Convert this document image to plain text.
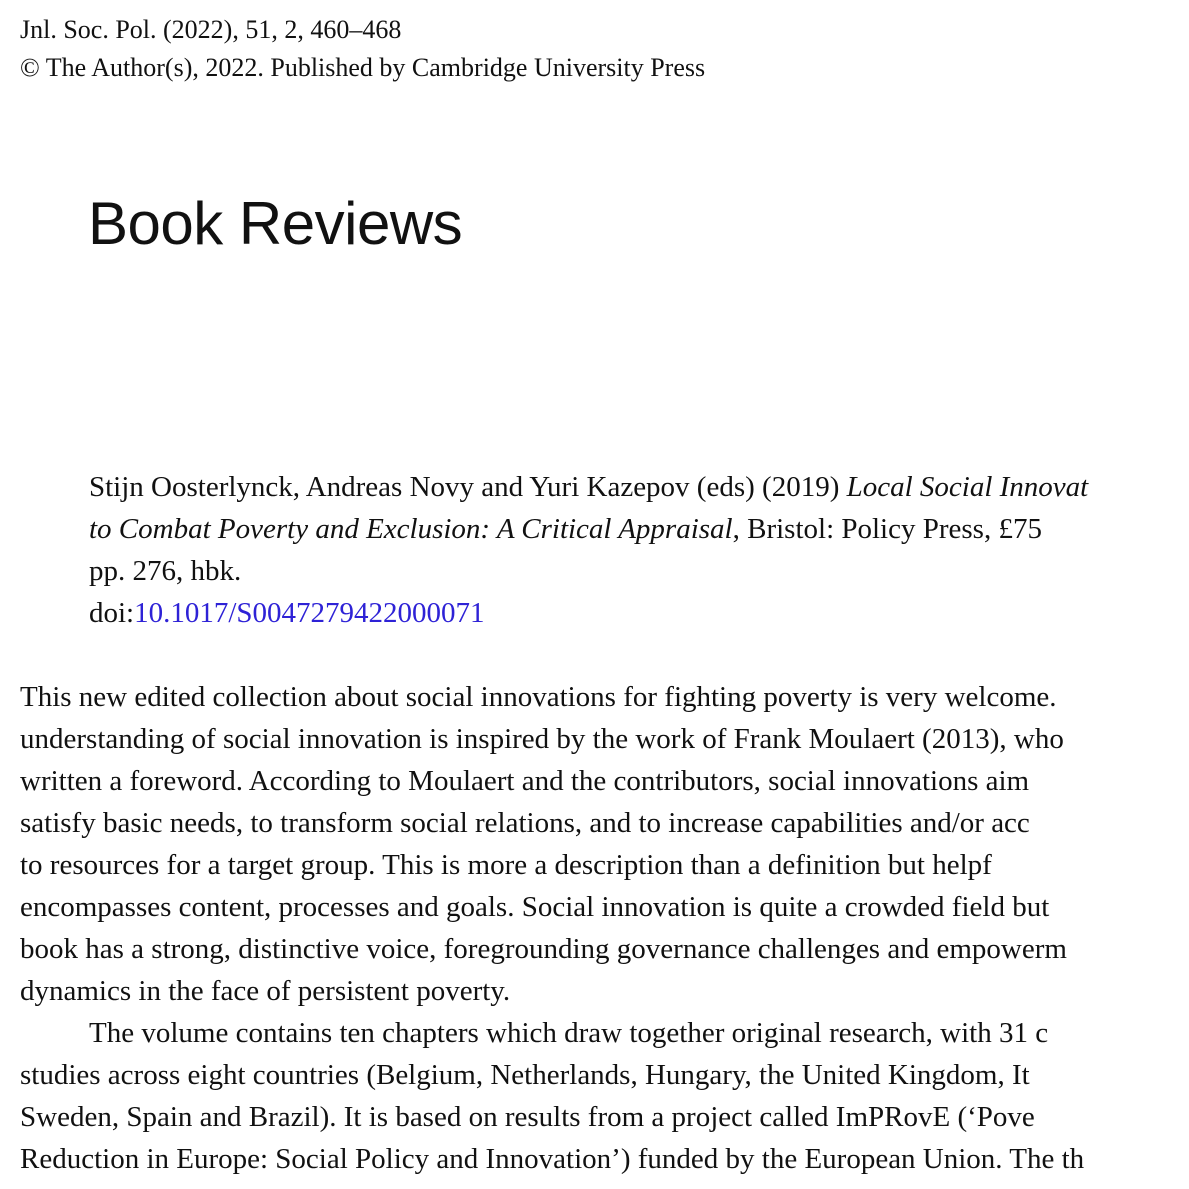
Jnl. Soc. Pol. (2022), 51, 2, 460–468
© The Author(s), 2022. Published by Cambridge University Press
Book Reviews
Stijn Oosterlynck, Andreas Novy and Yuri Kazepov (eds) (2019) Local Social Innovat
to Combat Poverty and Exclusion: A Critical Appraisal, Bristol: Policy Press, £75
pp. 276, hbk.
doi:10.1017/S0047279422000071
This new edited collection about social innovations for fighting poverty is very welcome.
understanding of social innovation is inspired by the work of Frank Moulaert (2013), who
written a foreword. According to Moulaert and the contributors, social innovations aim
satisfy basic needs, to transform social relations, and to increase capabilities and/or acc
to resources for a target group. This is more a description than a definition but helpf
encompasses content, processes and goals. Social innovation is quite a crowded field but
book has a strong, distinctive voice, foregrounding governance challenges and empowerm
dynamics in the face of persistent poverty.
The volume contains ten chapters which draw together original research, with 31 c
studies across eight countries (Belgium, Netherlands, Hungary, the United Kingdom, It
Sweden, Spain and Brazil). It is based on results from a project called ImPRovE (‘Pove
Reduction in Europe: Social Policy and Innovation’) funded by the European Union. The th
